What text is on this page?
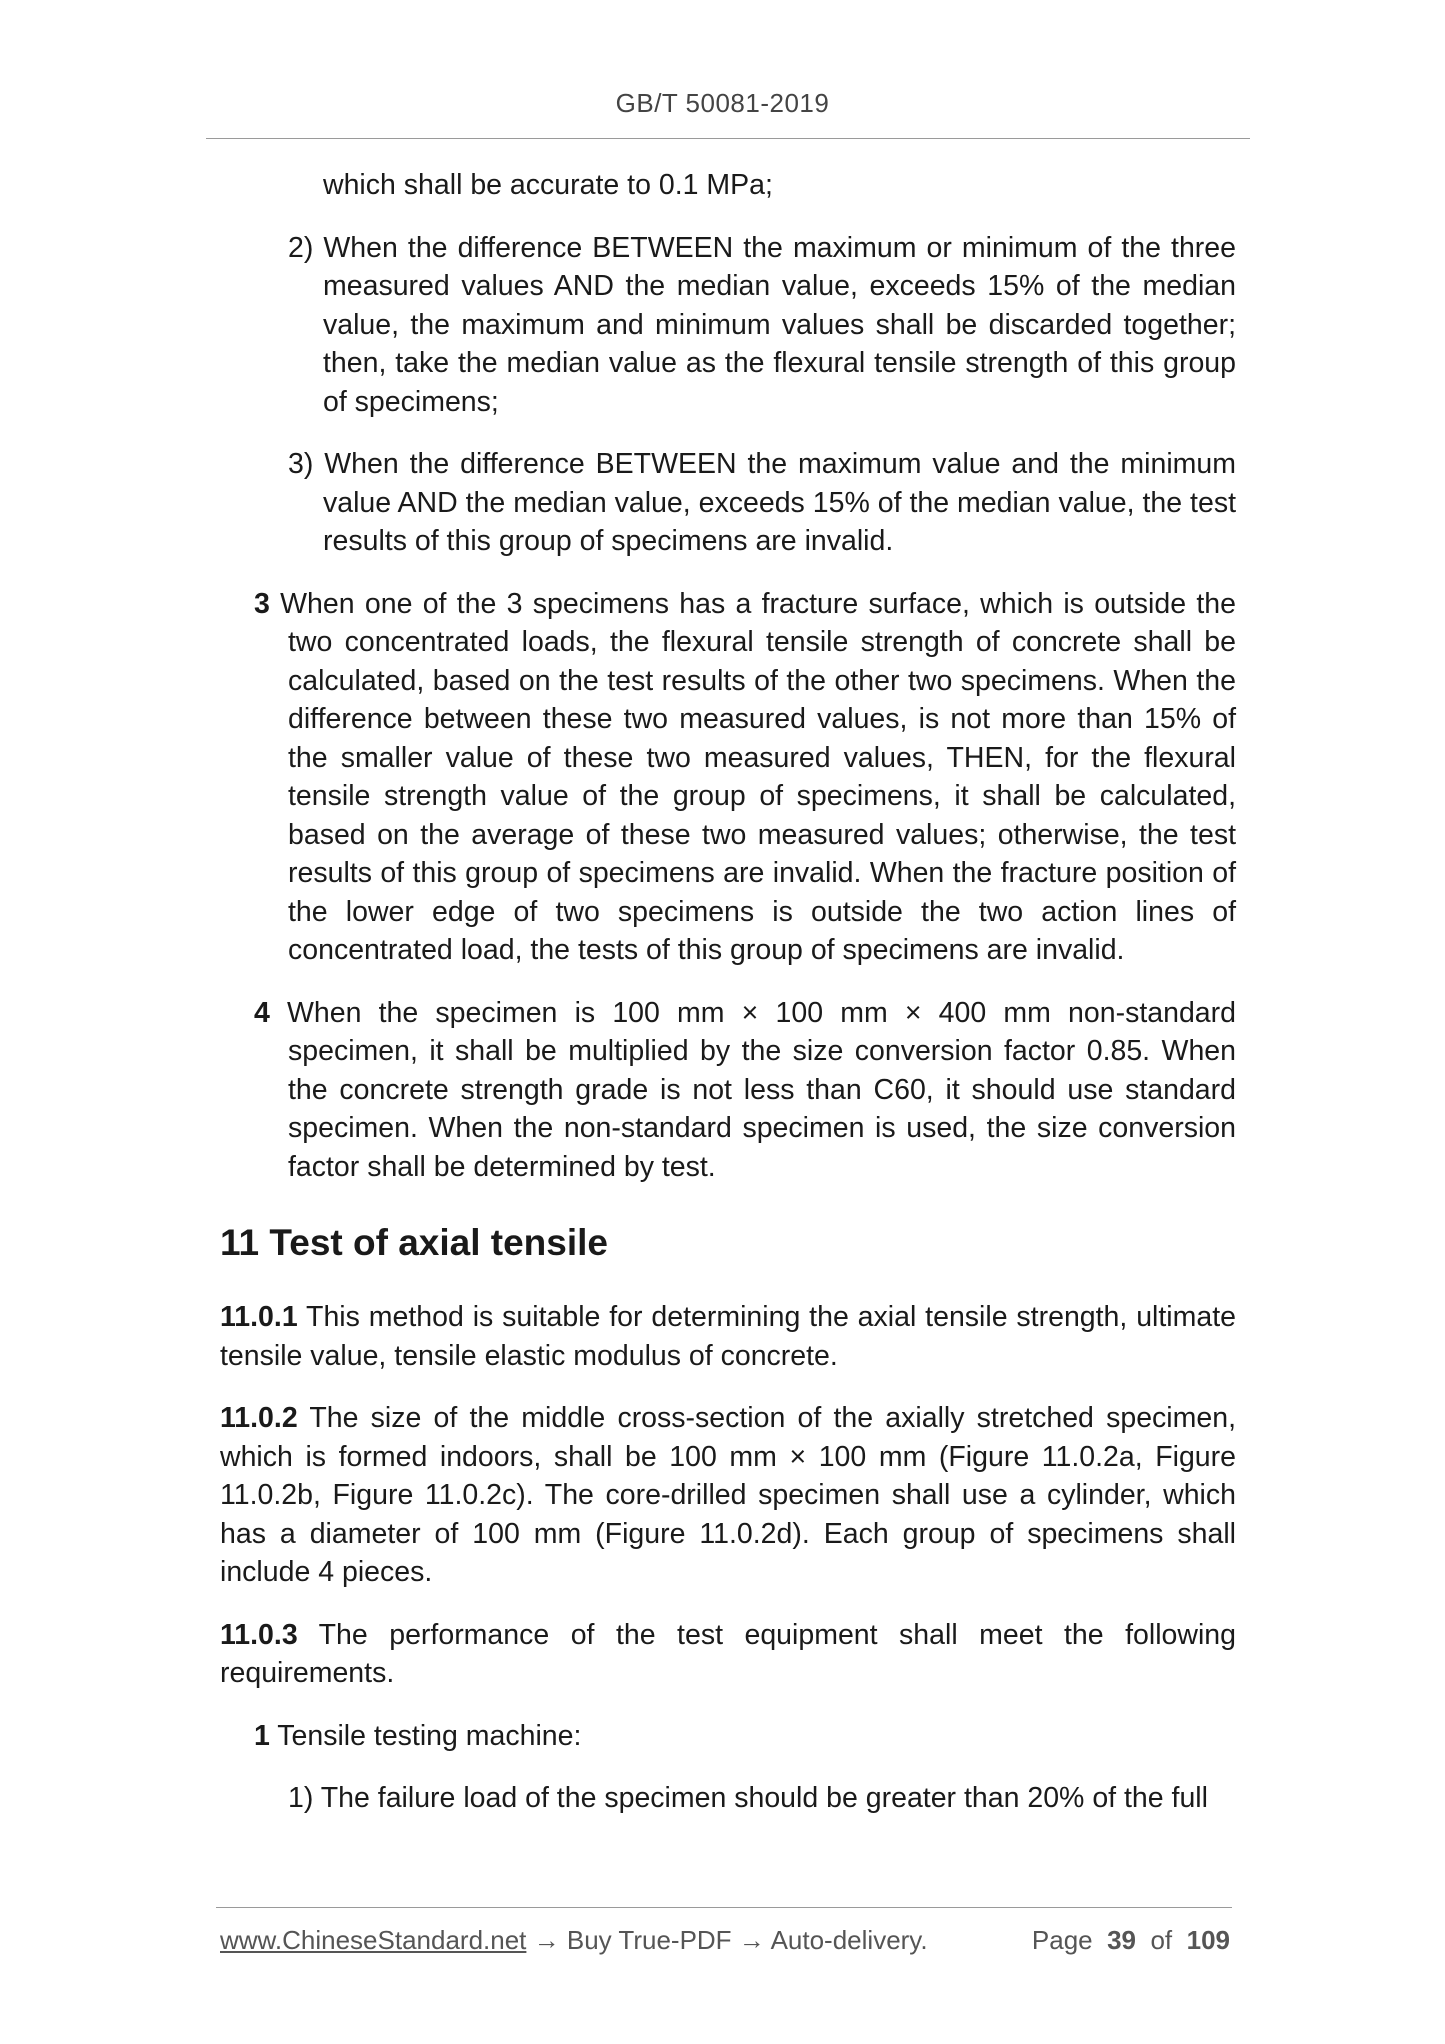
GB/T 50081-2019

which shall be accurate to 0.1 MPa;

2) When the difference BETWEEN the maximum or minimum of the three measured values AND the median value, exceeds 15% of the median value, the maximum and minimum values shall be discarded together; then, take the median value as the flexural tensile strength of this group of specimens;

3) When the difference BETWEEN the maximum value and the minimum value AND the median value, exceeds 15% of the median value, the test results of this group of specimens are invalid.

3 When one of the 3 specimens has a fracture surface, which is outside the two concentrated loads, the flexural tensile strength of concrete shall be calculated, based on the test results of the other two specimens. When the difference between these two measured values, is not more than 15% of the smaller value of these two measured values, THEN, for the flexural tensile strength value of the group of specimens, it shall be calculated, based on the average of these two measured values; otherwise, the test results of this group of specimens are invalid. When the fracture position of the lower edge of two specimens is outside the two action lines of concentrated load, the tests of this group of specimens are invalid.

4 When the specimen is 100 mm × 100 mm × 400 mm non-standard specimen, it shall be multiplied by the size conversion factor 0.85. When the concrete strength grade is not less than C60, it should use standard specimen. When the non-standard specimen is used, the size conversion factor shall be determined by test.

11 Test of axial tensile

11.0.1 This method is suitable for determining the axial tensile strength, ultimate tensile value, tensile elastic modulus of concrete.

11.0.2 The size of the middle cross-section of the axially stretched specimen, which is formed indoors, shall be 100 mm × 100 mm (Figure 11.0.2a, Figure 11.0.2b, Figure 11.0.2c). The core-drilled specimen shall use a cylinder, which has a diameter of 100 mm (Figure 11.0.2d). Each group of specimens shall include 4 pieces.

11.0.3 The performance of the test equipment shall meet the following requirements.

1 Tensile testing machine:

1) The failure load of the specimen should be greater than 20% of the full

www.ChineseStandard.net → Buy True-PDF → Auto-delivery.	Page 39 of 109
